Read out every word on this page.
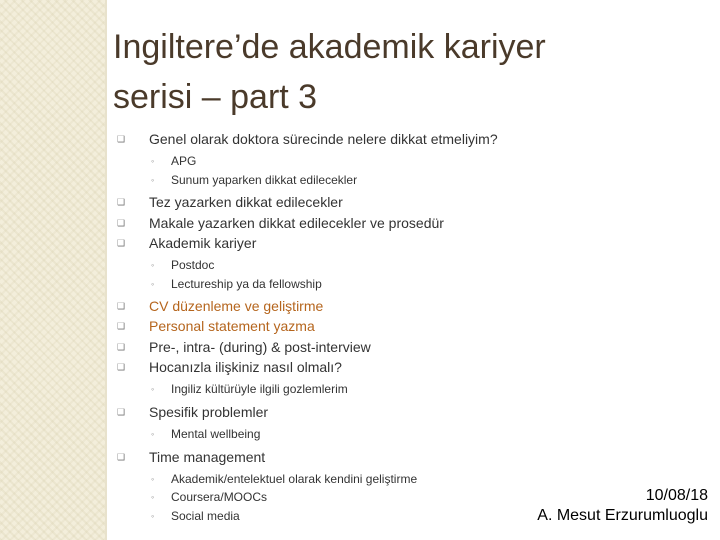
Ingiltere’de akademik kariyer
serisi – part 3
❑ Genel olarak doktora sürecinde nelere dikkat etmeliyim?
◦ APG
◦ Sunum yaparken dikkat edilecekler
❑ Tez yazarken dikkat edilecekler
❑ Makale yazarken dikkat edilecekler ve prosedür
❑ Akademik kariyer
◦ Postdoc
◦ Lectureship ya da fellowship
❑ CV düzenleme ve geliştirme
❑ Personal statement yazma
❑ Pre-, intra- (during) & post-interview
❑ Hocanızla ilişkiniz nasıl olmalı?
◦ Ingiliz kültürüyle ilgili gozlemlerim
❑ Spesifik problemler
◦ Mental wellbeing
❑ Time management
◦ Akademik/entelektuel olarak kendini geliştirme
◦ Coursera/MOOCs
◦ Social media
10/08/18
A. Mesut Erzurumluoglu
